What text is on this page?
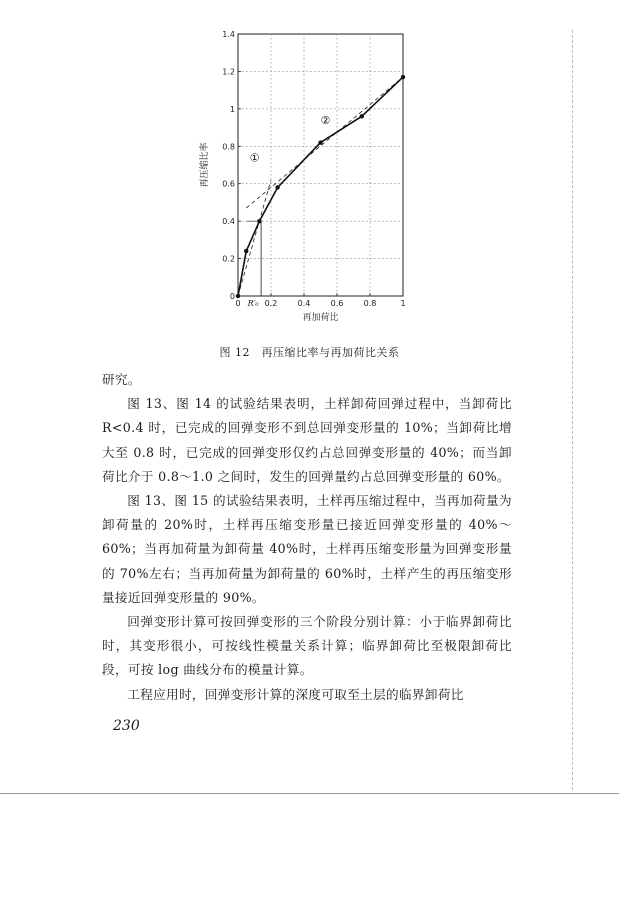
0	0.2	0.4	0.6	0.8	1
0
0.2
0.4
0.6
0.8
1
1.2
1.4
R′₀
再加荷比
再压缩比率	①
②
图 12　再压缩比率与再加荷比关系

研究。

图 13、图 14 的试验结果表明，土样卸荷回弹过程中，当卸荷比 R<0.4 时，已完成的回弹变形不到总回弹变形量的 10%；当卸荷比增大至 0.8 时，已完成的回弹变形仅约占总回弹变形量的 40%；而当卸荷比介于 0.8～1.0 之间时，发生的回弹量约占总回弹变形量的 60%。

图 13、图 15 的试验结果表明，土样再压缩过程中，当再加荷量为卸荷量的 20%时，土样再压缩变形量已接近回弹变形量的 40%～60%；当再加荷量为卸荷量 40%时，土样再压缩变形量为回弹变形量的 70%左右；当再加荷量为卸荷量的 60%时，土样产生的再压缩变形量接近回弹变形量的 90%。

回弹变形计算可按回弹变形的三个阶段分别计算：小于临界卸荷比时，其变形很小，可按线性模量关系计算；临界卸荷比至极限卸荷比段，可按 log 曲线分布的模量计算。

工程应用时，回弹变形计算的深度可取至土层的临界卸荷比

230
